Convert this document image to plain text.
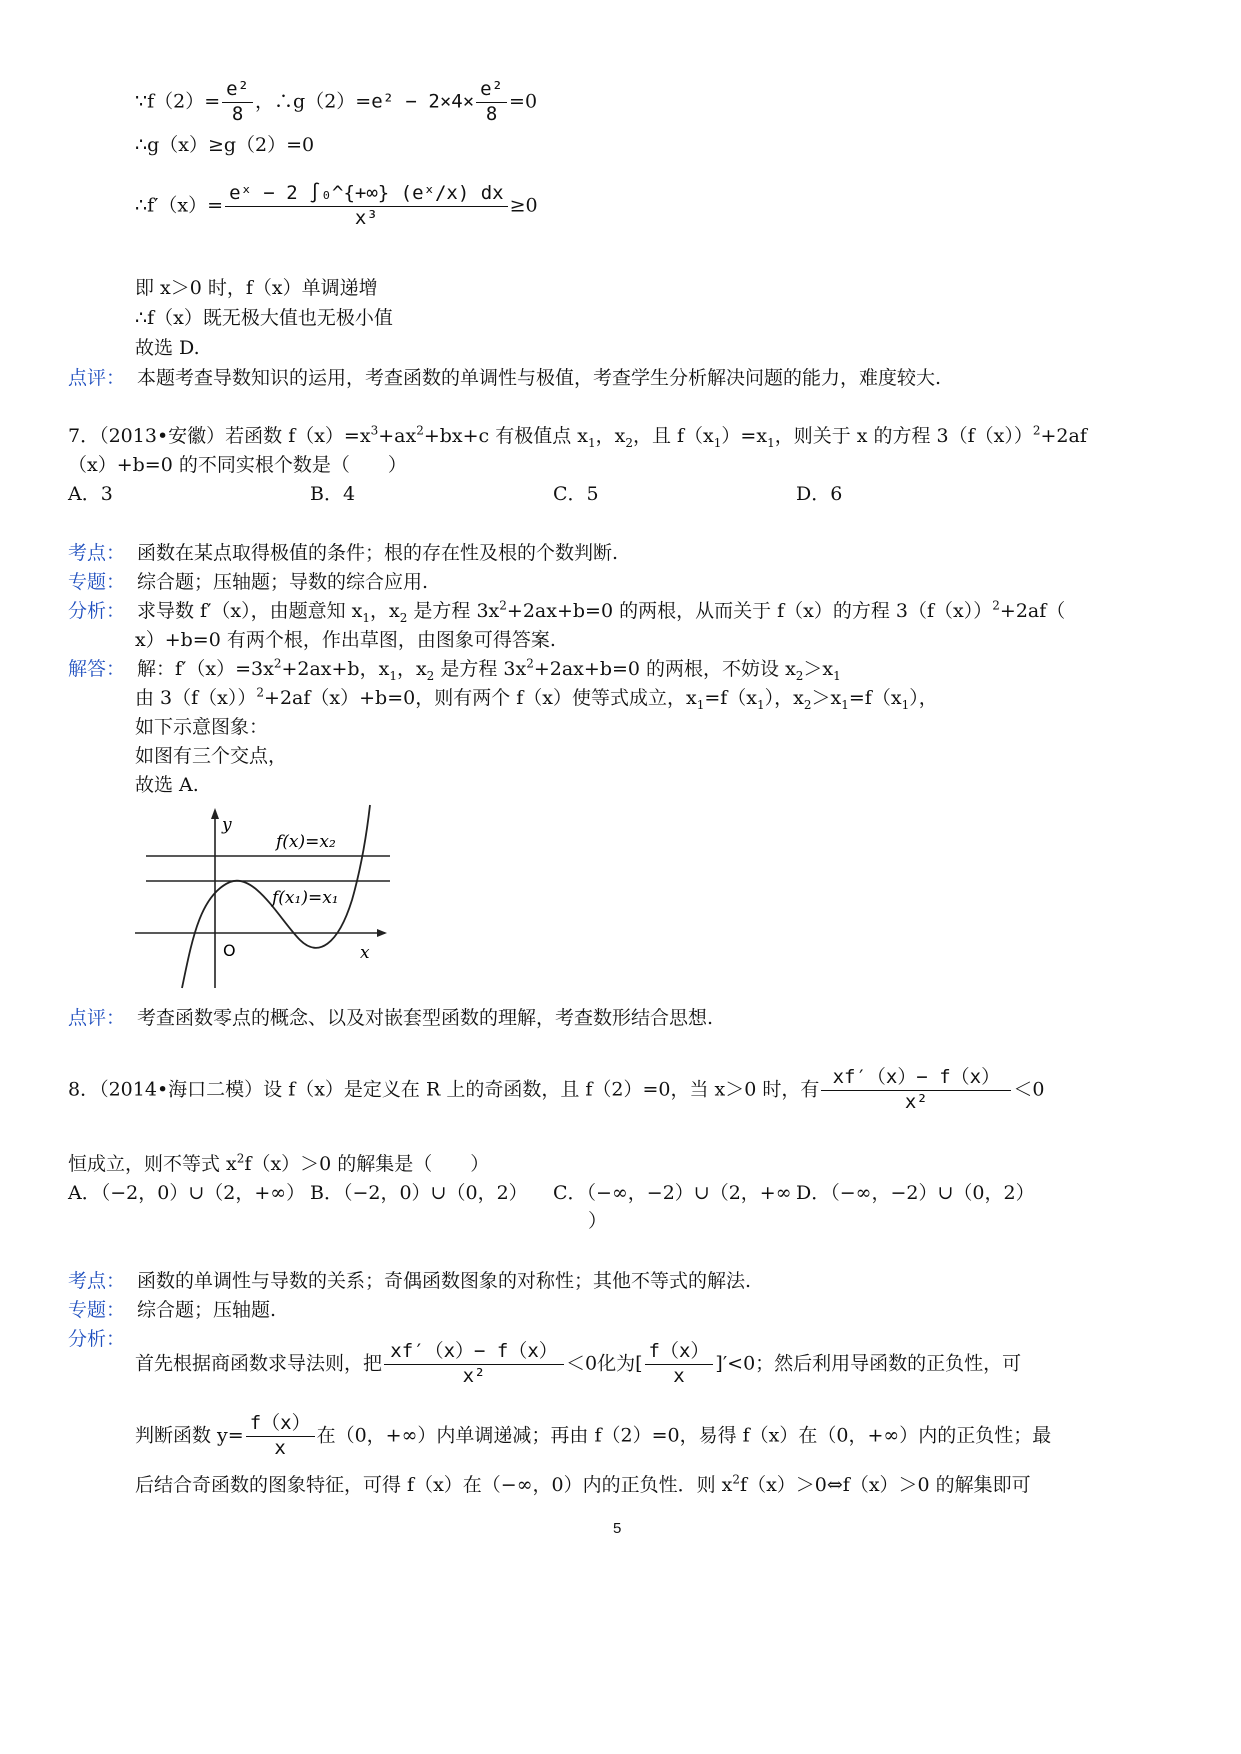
∵f（2）= $\frac{\text{e²}}{8}$ ，∴g（2）=e² − $2\times 4\times \frac{\text{e²}}{8} =0$
∴g（x）≥g（2）=0
∴f′（x）= $\frac{\text{eˣ − 2 ∫₀\textasciicircum{}\{+∞\} (eˣ/x) dx}}{\text{x³}} \ge 0$
即 x＞0 时，f（x）单调递增
∴f（x）既无极大值也无极小值
故选 D.
点评： 本题考查导数知识的运用，考查函数的单调性与极值，考查学生分析解决问题的能力，难度较大.
7．（2013•安徽）若函数 $f(x)=x^3+ax^2+bx+c$ 有极值点 $x_1$，$x_2$，且 $f(x_1)=x_1$，则关于 x 的方程 $3(f(x))^2+2af$
（x）+b=0 的不同实根个数是（　　）
A．3	B．4	C．5	D．6
考点： 函数在某点取得极值的条件；根的存在性及根的个数判断.
专题： 综合题；压轴题；导数的综合应用.
分析： 求导数 f′（x），由题意知 $x_1$，$x_2$ 是方程 $3x^2+2ax+b=0$ 的两根，从而关于 f（x）的方程 $3(f(x))^2+2af$（
x）+b=0 有两个根，作出草图，由图象可得答案.
解答： 解：$f'(x)=3x^2+2ax+b$，$x_1$，$x_2$ 是方程 $3x^2+2ax+b=0$ 的两根，不妨设 $x_2>x_1$
由 $3(f(x))^2+2af(x)+b=0$，则有两个 f（x）使等式成立，$x_1=f(x_1)$，$x_2>x_1=f(x_1)$，
如下示意图象：
如图有三个交点，
故选 A.
y
x
O
f(x)=x₂
f(x₁)=x₁
点评： 考查函数零点的概念、以及对嵌套型函数的理解，考查数形结合思想.
8．（2014•海口二模）设 f（x）是定义在 R 上的奇函数，且 f（2）=0，当 x＞0 时，有 $\frac{xf'(x)- f(x)}{\text{x²}} <0$
恒成立，则不等式 $x^2f(x)>0$ 的解集是（　　）
A．（−2，0）∪（2，+∞） B．（−2，0）∪（0，2） C．（−∞，−2）∪（2，+∞
）
D．（−∞，−2）∪（0，2）
考点： 函数的单调性与导数的关系；奇偶函数图象的对称性；其他不等式的解法.
专题： 综合题；压轴题.
分析：
首先根据商函数求导法则，把 $\frac{xf'(x)- f(x)}{\text{x²}} <0$化为[ $\frac{f(x)}{x} ]'<0$；然后利用导函数的正负性，可
判断函数 $y= \frac{f(x)}{x}$ 在（0，+∞）内单调递减；再由 f（2）=0，易得 f（x）在（0，+∞）内的正负性；最
后结合奇函数的图象特征，可得 f（x）在（−∞，0）内的正负性．则 $x^2f(x)>0\Leftrightarrow f(x)>0$ 的解集即可
5
